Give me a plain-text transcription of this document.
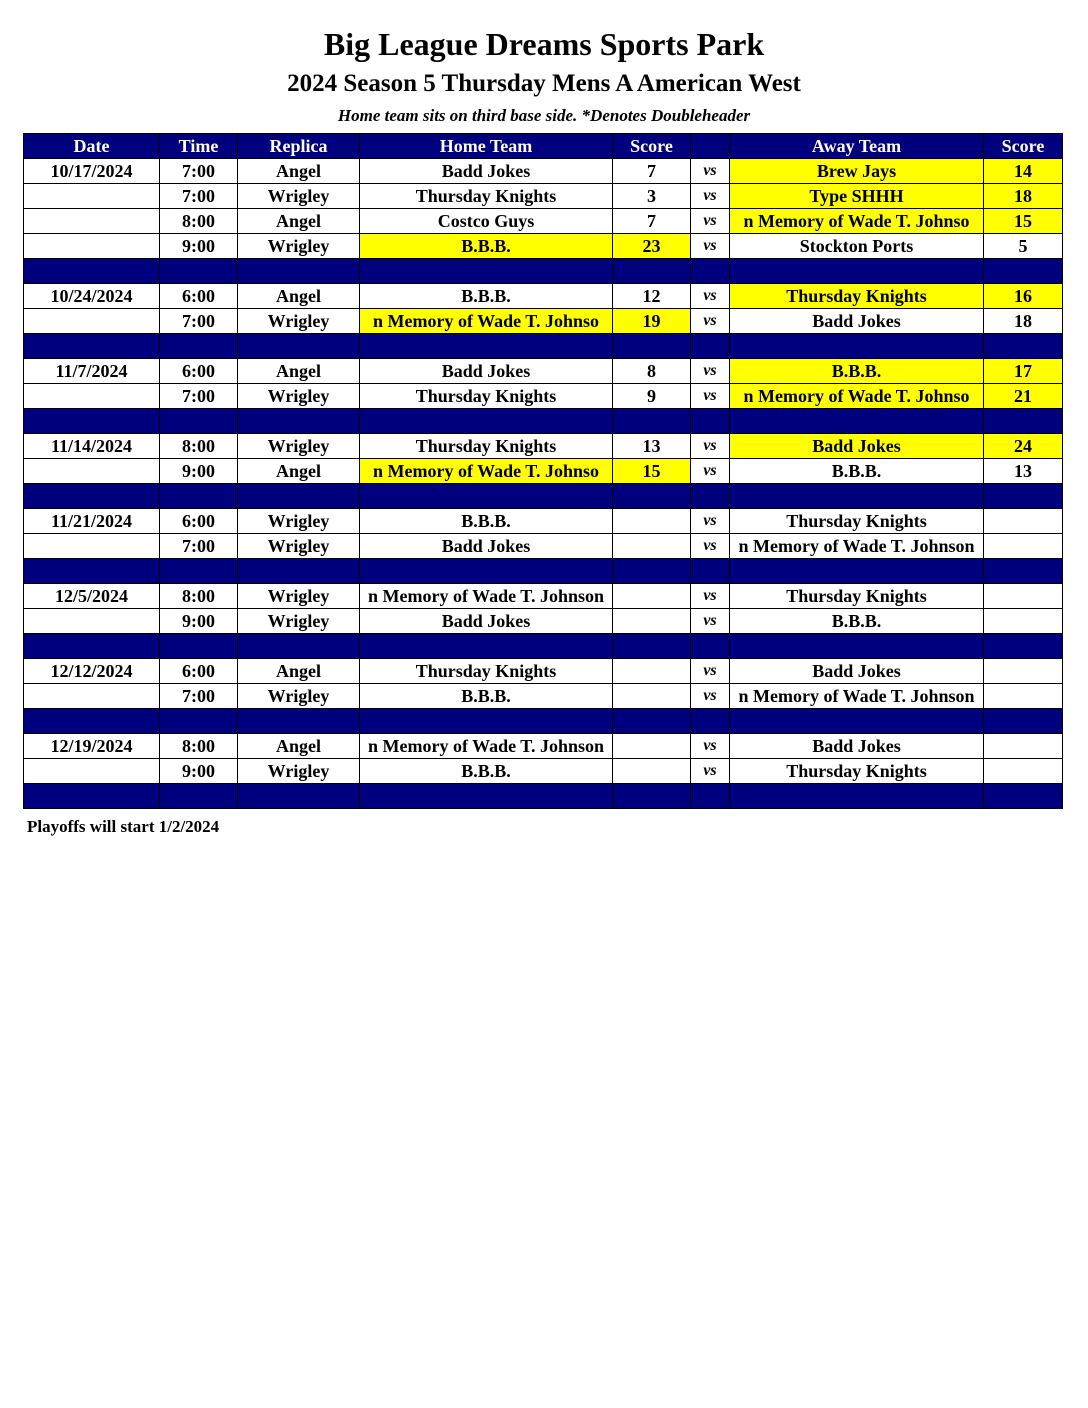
Big League Dreams Sports Park
2024 Season 5 Thursday Mens A American West
Home team sits on third base side. *Denotes Doubleheader
Date	Time	Replica	Home Team	Score		Away Team	Score
10/17/2024	7:00	Angel	Badd Jokes	7	vs	Brew Jays	14
	7:00	Wrigley	Thursday Knights	3	vs	Type SHHH	18
	8:00	Angel	Costco Guys	7	vs	n Memory of Wade T. Johnso	15
	9:00	Wrigley	B.B.B.	23	vs	Stockton Ports	5

10/24/2024	6:00	Angel	B.B.B.	12	vs	Thursday Knights	16
	7:00	Wrigley	n Memory of Wade T. Johnso	19	vs	Badd Jokes	18

11/7/2024	6:00	Angel	Badd Jokes	8	vs	B.B.B.	17
	7:00	Wrigley	Thursday Knights	9	vs	n Memory of Wade T. Johnso	21

11/14/2024	8:00	Wrigley	Thursday Knights	13	vs	Badd Jokes	24
	9:00	Angel	n Memory of Wade T. Johnso	15	vs	B.B.B.	13

11/21/2024	6:00	Wrigley	B.B.B.		vs	Thursday Knights	
	7:00	Wrigley	Badd Jokes		vs	n Memory of Wade T. Johnson	

12/5/2024	8:00	Wrigley	n Memory of Wade T. Johnson		vs	Thursday Knights	
	9:00	Wrigley	Badd Jokes		vs	B.B.B.	

12/12/2024	6:00	Angel	Thursday Knights		vs	Badd Jokes	
	7:00	Wrigley	B.B.B.		vs	n Memory of Wade T. Johnson	

12/19/2024	8:00	Angel	n Memory of Wade T. Johnson		vs	Badd Jokes	
	9:00	Wrigley	B.B.B.		vs	Thursday Knights	

Playoffs will start 1/2/2024
